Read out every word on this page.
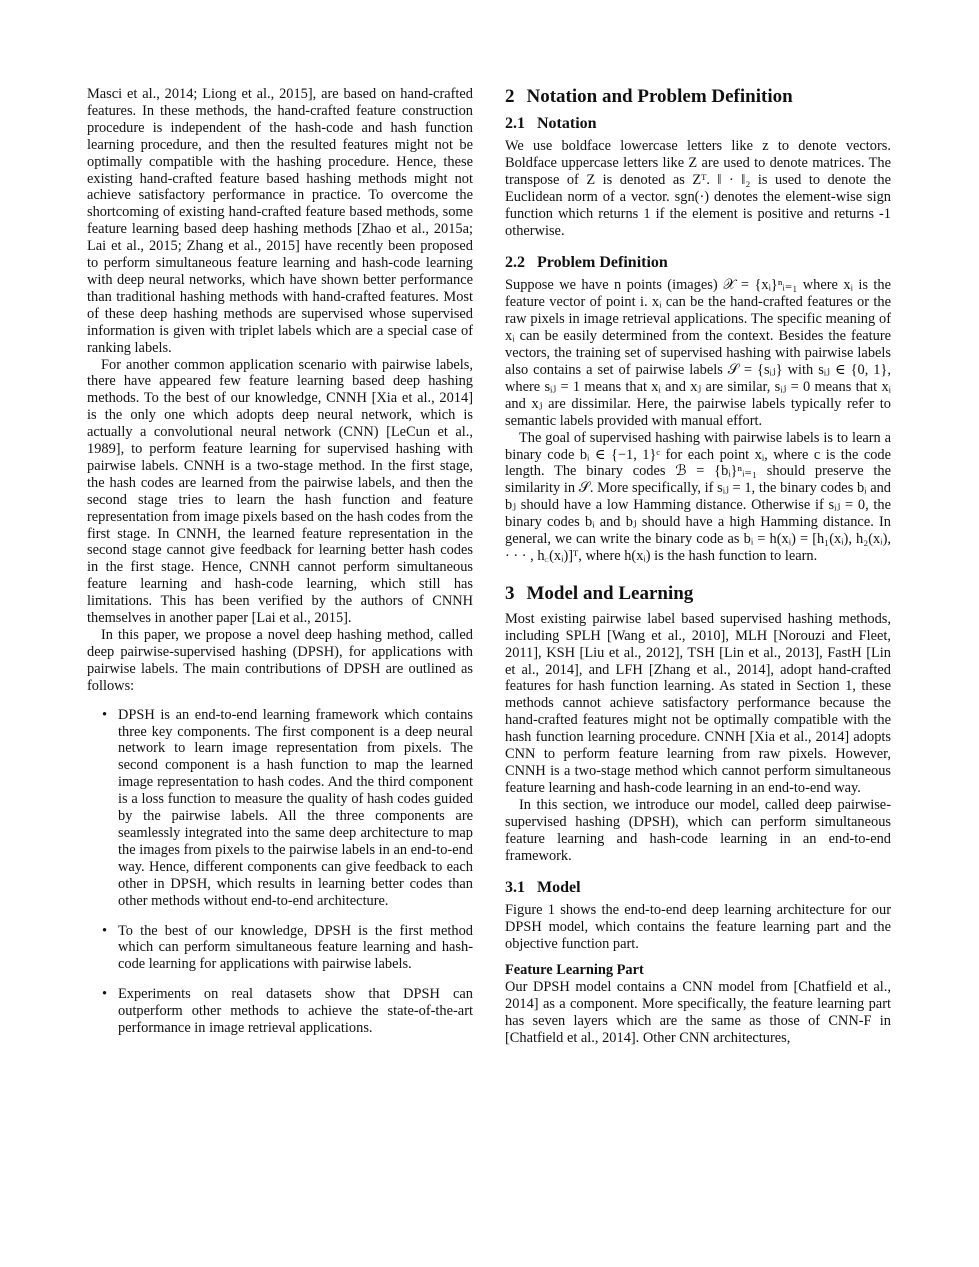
Masci et al., 2014; Liong et al., 2015], are based on hand-crafted features. In these methods, the hand-crafted feature construction procedure is independent of the hash-code and hash function learning procedure, and then the resulted features might not be optimally compatible with the hashing procedure. Hence, these existing hand-crafted feature based hashing methods might not achieve satisfactory performance in practice. To overcome the shortcoming of existing hand-crafted feature based methods, some feature learning based deep hashing methods [Zhao et al., 2015a; Lai et al., 2015; Zhang et al., 2015] have recently been proposed to perform simultaneous feature learning and hash-code learning with deep neural networks, which have shown better performance than traditional hashing methods with hand-crafted features. Most of these deep hashing methods are supervised whose supervised information is given with triplet labels which are a special case of ranking labels.

For another common application scenario with pairwise labels, there have appeared few feature learning based deep hashing methods. To the best of our knowledge, CNNH [Xia et al., 2014] is the only one which adopts deep neural network, which is actually a convolutional neural network (CNN) [LeCun et al., 1989], to perform feature learning for supervised hashing with pairwise labels. CNNH is a two-stage method. In the first stage, the hash codes are learned from the pairwise labels, and then the second stage tries to learn the hash function and feature representation from image pixels based on the hash codes from the first stage. In CNNH, the learned feature representation in the second stage cannot give feedback for learning better hash codes in the first stage. Hence, CNNH cannot perform simultaneous feature learning and hash-code learning, which still has limitations. This has been verified by the authors of CNNH themselves in another paper [Lai et al., 2015].

In this paper, we propose a novel deep hashing method, called deep pairwise-supervised hashing (DPSH), for applications with pairwise labels. The main contributions of DPSH are outlined as follows:

• DPSH is an end-to-end learning framework which contains three key components. The first component is a deep neural network to learn image representation from pixels. The second component is a hash function to map the learned image representation to hash codes. And the third component is a loss function to measure the quality of hash codes guided by the pairwise labels. All the three components are seamlessly integrated into the same deep architecture to map the images from pixels to the pairwise labels in an end-to-end way. Hence, different components can give feedback to each other in DPSH, which results in learning better codes than other methods without end-to-end architecture.
• To the best of our knowledge, DPSH is the first method which can perform simultaneous feature learning and hash-code learning for applications with pairwise labels.
• Experiments on real datasets show that DPSH can outperform other methods to achieve the state-of-the-art performance in image retrieval applications.
2 Notation and Problem Definition
2.1 Notation

We use boldface lowercase letters like z to denote vectors. Boldface uppercase letters like Z are used to denote matrices. The transpose of Z is denoted as Zᵀ. ‖ · ‖₂ is used to denote the Euclidean norm of a vector. sgn(·) denotes the element-wise sign function which returns 1 if the element is positive and returns -1 otherwise.

2.2 Problem Definition

Suppose we have n points (images) 𝒳 = {xᵢ}ⁿᵢ₌₁ where xᵢ is the feature vector of point i. xᵢ can be the hand-crafted features or the raw pixels in image retrieval applications. The specific meaning of xᵢ can be easily determined from the context. Besides the feature vectors, the training set of supervised hashing with pairwise labels also contains a set of pairwise labels 𝒮 = {sᵢⱼ} with sᵢⱼ ∈ {0, 1}, where sᵢⱼ = 1 means that xᵢ and xⱼ are similar, sᵢⱼ = 0 means that xᵢ and xⱼ are dissimilar. Here, the pairwise labels typically refer to semantic labels provided with manual effort.

The goal of supervised hashing with pairwise labels is to learn a binary code bᵢ ∈ {−1, 1}ᶜ for each point xᵢ, where c is the code length. The binary codes ℬ = {bᵢ}ⁿᵢ₌₁ should preserve the similarity in 𝒮. More specifically, if sᵢⱼ = 1, the binary codes bᵢ and bⱼ should have a low Hamming distance. Otherwise if sᵢⱼ = 0, the binary codes bᵢ and bⱼ should have a high Hamming distance. In general, we can write the binary code as bᵢ = h(xᵢ) = [h₁(xᵢ), h₂(xᵢ), · · · , h꜀(xᵢ)]ᵀ, where h(xᵢ) is the hash function to learn.

3 Model and Learning

Most existing pairwise label based supervised hashing methods, including SPLH [Wang et al., 2010], MLH [Norouzi and Fleet, 2011], KSH [Liu et al., 2012], TSH [Lin et al., 2013], FastH [Lin et al., 2014], and LFH [Zhang et al., 2014], adopt hand-crafted features for hash function learning. As stated in Section 1, these methods cannot achieve satisfactory performance because the hand-crafted features might not be optimally compatible with the hash function learning procedure. CNNH [Xia et al., 2014] adopts CNN to perform feature learning from raw pixels. However, CNNH is a two-stage method which cannot perform simultaneous feature learning and hash-code learning in an end-to-end way.

In this section, we introduce our model, called deep pairwise-supervised hashing (DPSH), which can perform simultaneous feature learning and hash-code learning in an end-to-end framework.

3.1 Model

Figure 1 shows the end-to-end deep learning architecture for our DPSH model, which contains the feature learning part and the objective function part.

Feature Learning Part

Our DPSH model contains a CNN model from [Chatfield et al., 2014] as a component. More specifically, the feature learning part has seven layers which are the same as those of CNN-F in [Chatfield et al., 2014]. Other CNN architectures,
